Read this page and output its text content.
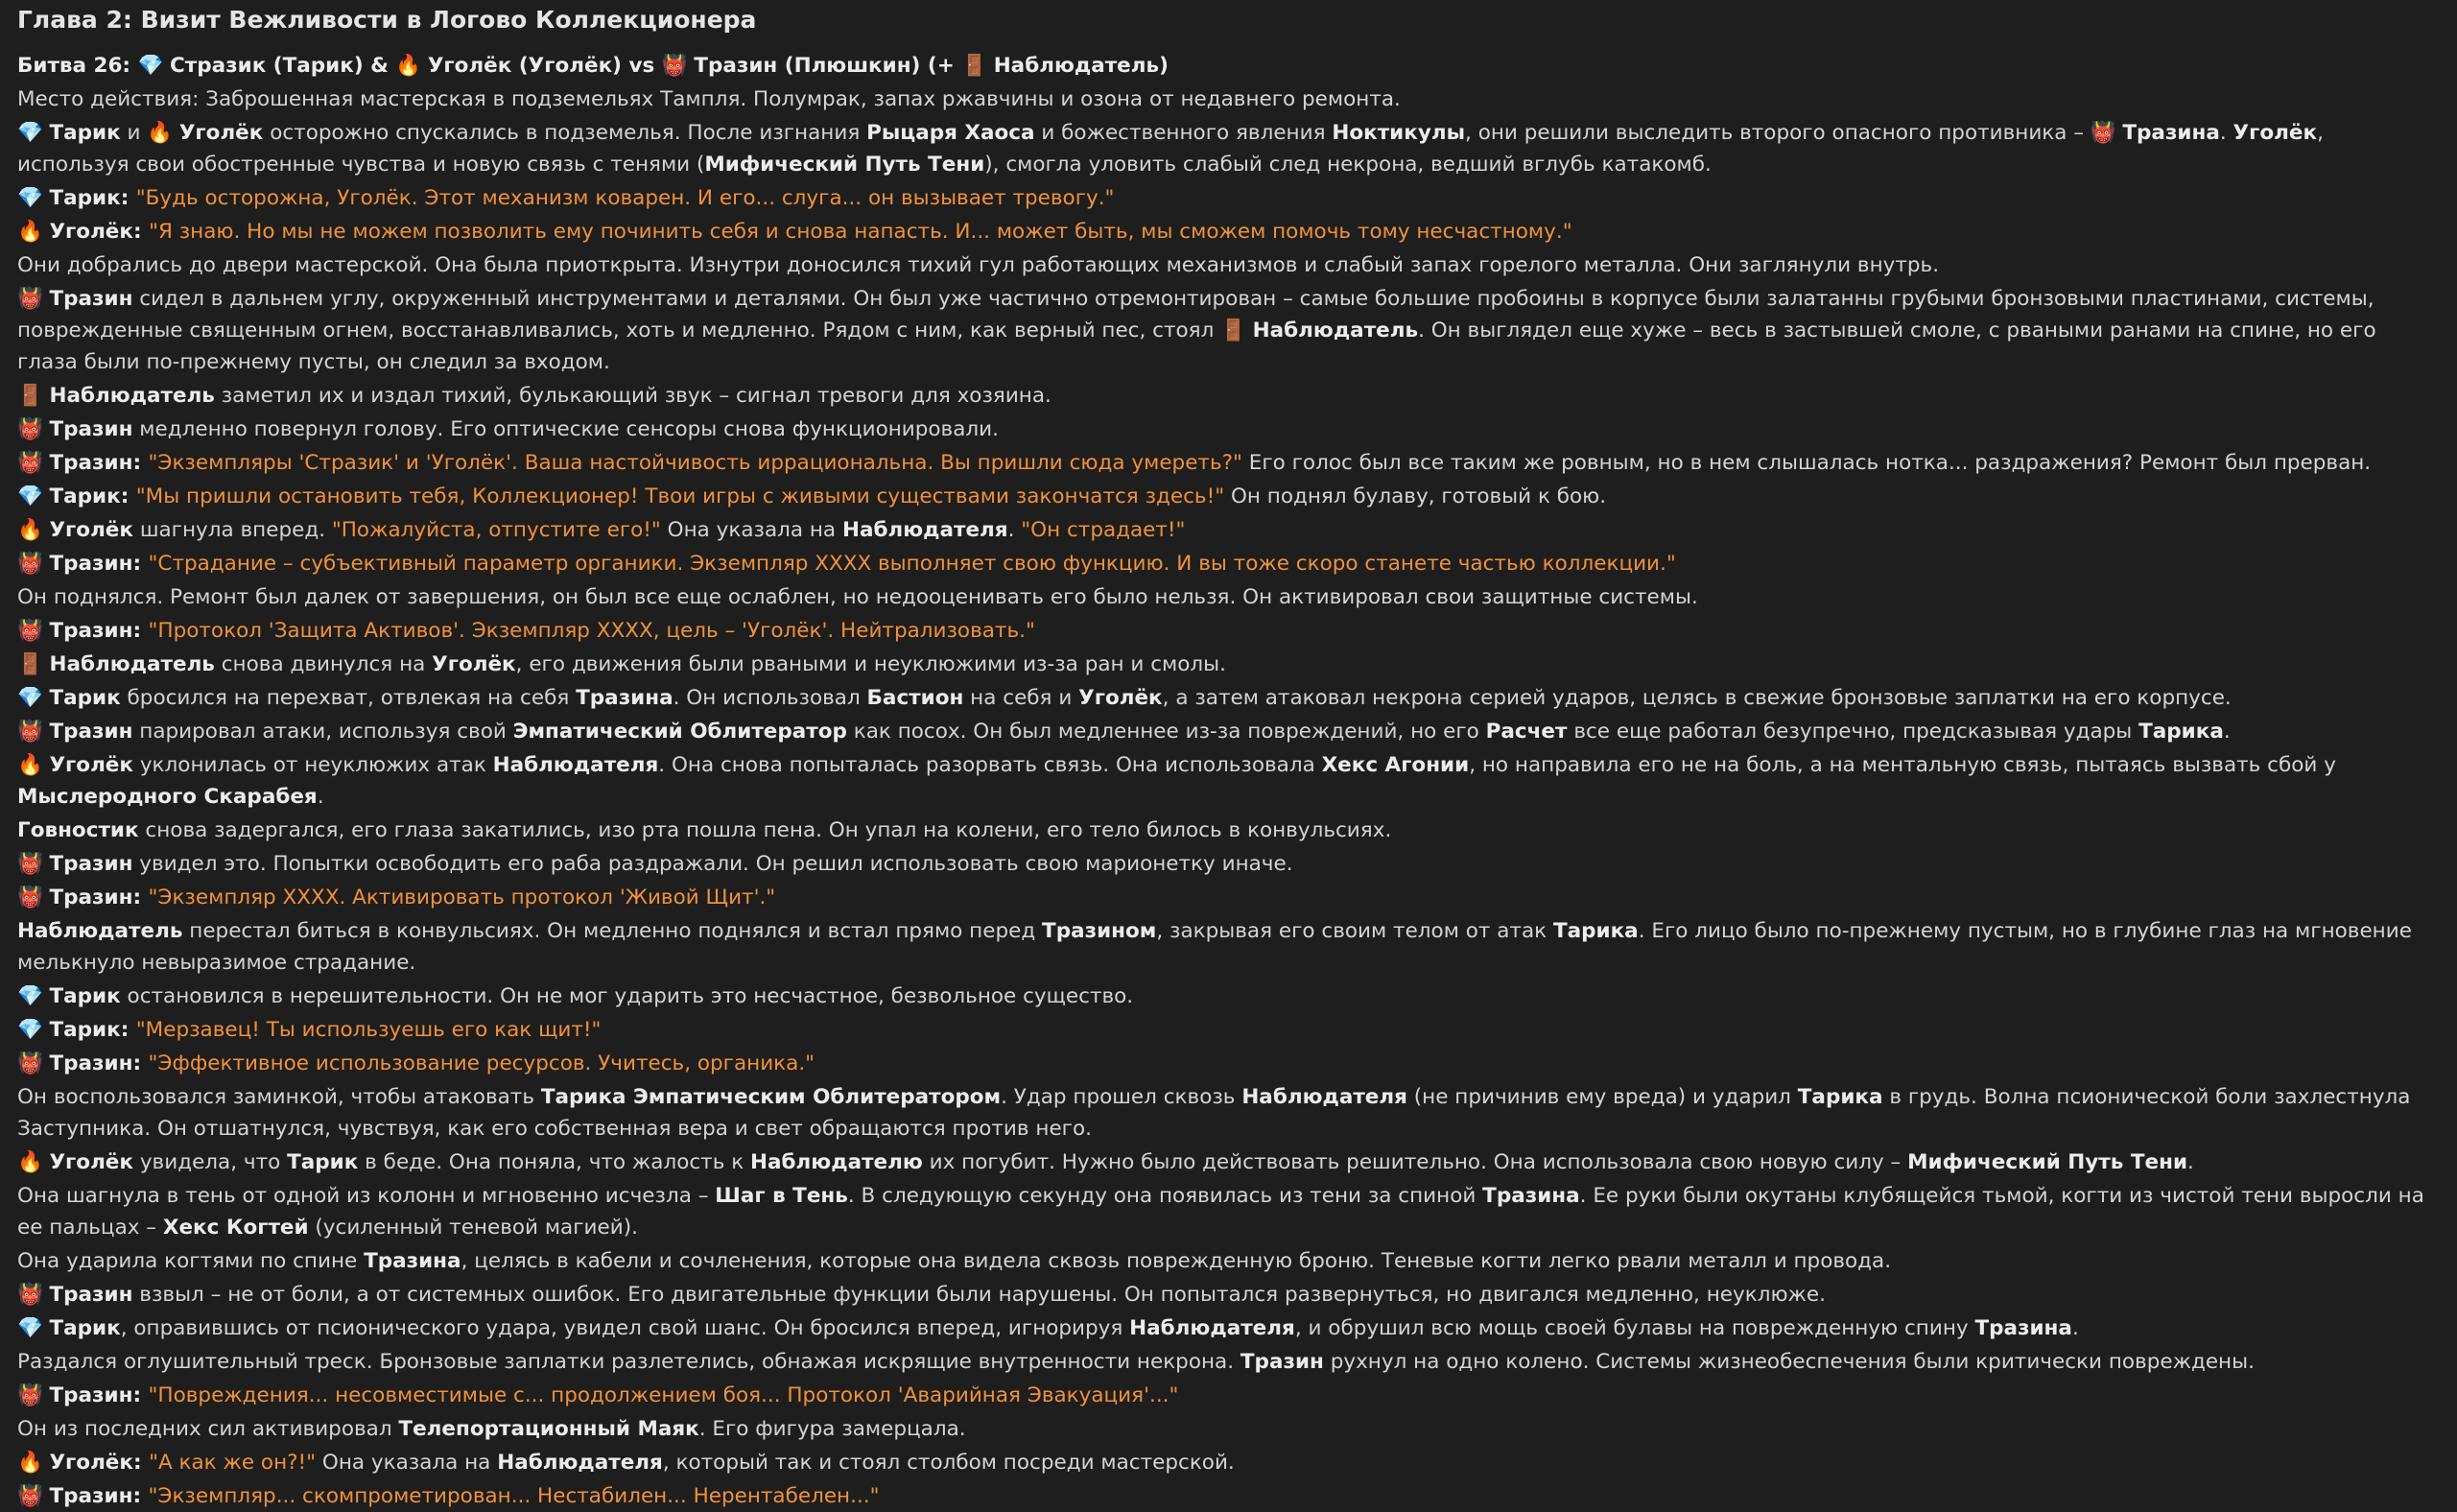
Глава 2: Визит Вежливости в Логово Коллекционера
Битва 26: 💎 Стразик (Тарик) & 🔥 Уголёк (Уголёк) vs 👹 Тразин (Плюшкин) (+ 🚪 Наблюдатель)
Место действия: Заброшенная мастерская в подземельях Тампля. Полумрак, запах ржавчины и озона от недавнего ремонта.
💎 Тарик и 🔥 Уголёк осторожно спускались в подземелья. После изгнания Рыцаря Хаоса и божественного явления Ноктикулы, они решили выследить второго опасного противника – 👹 Тразина. Уголёк, используя свои обостренные чувства и новую связь с тенями (Мифический Путь Тени), смогла уловить слабый след некрона, ведший вглубь катакомб.
💎 Тарик: "Будь осторожна, Уголёк. Этот механизм коварен. И его... слуга... он вызывает тревогу."
🔥 Уголёк: "Я знаю. Но мы не можем позволить ему починить себя и снова напасть. И... может быть, мы сможем помочь тому несчастному."
Они добрались до двери мастерской. Она была приоткрыта. Изнутри доносился тихий гул работающих механизмов и слабый запах горелого металла. Они заглянули внутрь.
👹 Тразин сидел в дальнем углу, окруженный инструментами и деталями. Он был уже частично отремонтирован – самые большие пробоины в корпусе были залатанны грубыми бронзовыми пластинами, системы, поврежденные священным огнем, восстанавливались, хоть и медленно. Рядом с ним, как верный пес, стоял 🚪 Наблюдатель. Он выглядел еще хуже – весь в застывшей смоле, с рваными ранами на спине, но его глаза были по-прежнему пусты, он следил за входом.
🚪 Наблюдатель заметил их и издал тихий, булькающий звук – сигнал тревоги для хозяина.
👹 Тразин медленно повернул голову. Его оптические сенсоры снова функционировали.
👹 Тразин: "Экземпляры 'Стразик' и 'Уголёк'. Ваша настойчивость иррациональна. Вы пришли сюда умереть?" Его голос был все таким же ровным, но в нем слышалась нотка... раздражения? Ремонт был прерван.
💎 Тарик: "Мы пришли остановить тебя, Коллекционер! Твои игры с живыми существами закончатся здесь!" Он поднял булаву, готовый к бою.
🔥 Уголёк шагнула вперед. "Пожалуйста, отпустите его!" Она указала на Наблюдателя. "Он страдает!"
👹 Тразин: "Страдание – субъективный параметр органики. Экземпляр XXXX выполняет свою функцию. И вы тоже скоро станете частью коллекции."
Он поднялся. Ремонт был далек от завершения, он был все еще ослаблен, но недооценивать его было нельзя. Он активировал свои защитные системы.
👹 Тразин: "Протокол 'Защита Активов'. Экземпляр XXXX, цель – 'Уголёк'. Нейтрализовать."
🚪 Наблюдатель снова двинулся на Уголёк, его движения были рваными и неуклюжими из-за ран и смолы.
💎 Тарик бросился на перехват, отвлекая на себя Тразина. Он использовал Бастион на себя и Уголёк, а затем атаковал некрона серией ударов, целясь в свежие бронзовые заплатки на его корпусе.
👹 Тразин парировал атаки, используя свой Эмпатический Облитератор как посох. Он был медленнее из-за повреждений, но его Расчет все еще работал безупречно, предсказывая удары Тарика.
🔥 Уголёк уклонилась от неуклюжих атак Наблюдателя. Она снова попыталась разорвать связь. Она использовала Хекс Агонии, но направила его не на боль, а на ментальную связь, пытаясь вызвать сбой у Мыслеродного Скарабея.
Говностик снова задергался, его глаза закатились, изо рта пошла пена. Он упал на колени, его тело билось в конвульсиях.
👹 Тразин увидел это. Попытки освободить его раба раздражали. Он решил использовать свою марионетку иначе.
👹 Тразин: "Экземпляр XXXX. Активировать протокол 'Живой Щит'."
Наблюдатель перестал биться в конвульсиях. Он медленно поднялся и встал прямо перед Тразином, закрывая его своим телом от атак Тарика. Его лицо было по-прежнему пустым, но в глубине глаз на мгновение мелькнуло невыразимое страдание.
💎 Тарик остановился в нерешительности. Он не мог ударить это несчастное, безвольное существо.
💎 Тарик: "Мерзавец! Ты используешь его как щит!"
👹 Тразин: "Эффективное использование ресурсов. Учитесь, органика."
Он воспользовался заминкой, чтобы атаковать Тарика Эмпатическим Облитератором. Удар прошел сквозь Наблюдателя (не причинив ему вреда) и ударил Тарика в грудь. Волна псионической боли захлестнула Заступника. Он отшатнулся, чувствуя, как его собственная вера и свет обращаются против него.
🔥 Уголёк увидела, что Тарик в беде. Она поняла, что жалость к Наблюдателю их погубит. Нужно было действовать решительно. Она использовала свою новую силу – Мифический Путь Тени.
Она шагнула в тень от одной из колонн и мгновенно исчезла – Шаг в Тень. В следующую секунду она появилась из тени за спиной Тразина. Ее руки были окутаны клубящейся тьмой, когти из чистой тени выросли на ее пальцах – Хекс Когтей (усиленный теневой магией).
Она ударила когтями по спине Тразина, целясь в кабели и сочленения, которые она видела сквозь поврежденную броню. Теневые когти легко рвали металл и провода.
👹 Тразин взвыл – не от боли, а от системных ошибок. Его двигательные функции были нарушены. Он попытался развернуться, но двигался медленно, неуклюже.
💎 Тарик, оправившись от псионического удара, увидел свой шанс. Он бросился вперед, игнорируя Наблюдателя, и обрушил всю мощь своей булавы на поврежденную спину Тразина.
Раздался оглушительный треск. Бронзовые заплатки разлетелись, обнажая искрящие внутренности некрона. Тразин рухнул на одно колено. Системы жизнеобеспечения были критически повреждены.
👹 Тразин: "Повреждения... несовместимые с... продолжением боя... Протокол 'Аварийная Эвакуация'..."
Он из последних сил активировал Телепортационный Маяк. Его фигура замерцала.
🔥 Уголёк: "А как же он?!" Она указала на Наблюдателя, который так и стоял столбом посреди мастерской.
👹 Тразин: "Экземпляр... скомпрометирован... Нестабилен... Нерентабелен..."
